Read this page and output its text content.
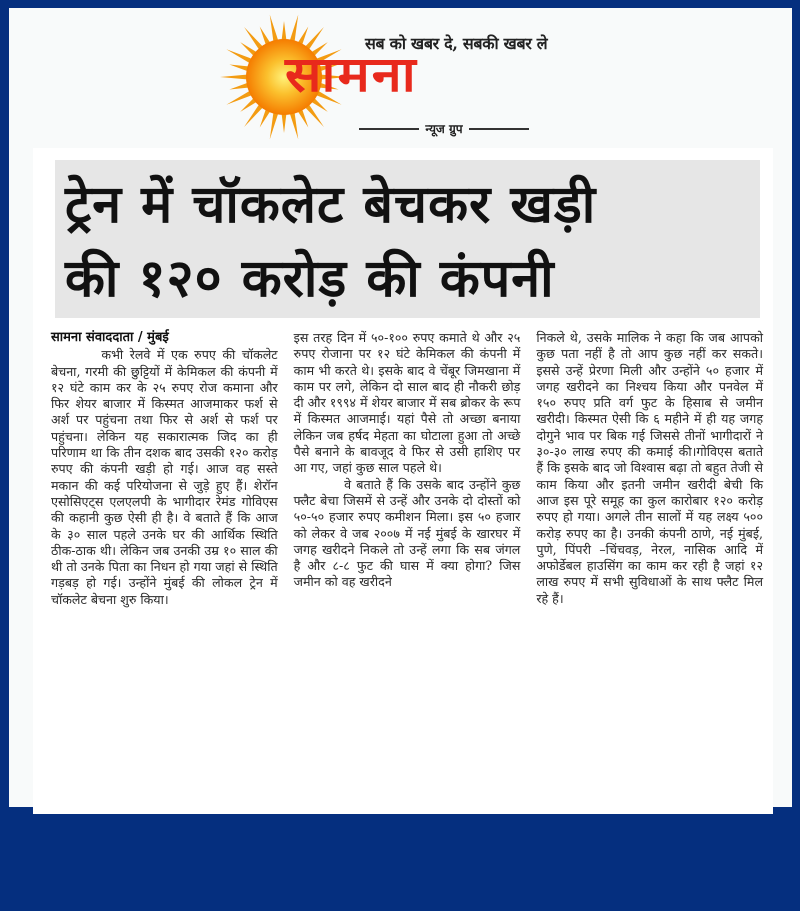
सब को खबर दे, सबकी खबर ले
सामना
न्यूज ग्रुप
ट्रेन में चॉकलेट बेचकर खड़ी
की १२० करोड़ की कंपनी
सामना संवाददाता / मुंबई

कभी रेलवे में एक रुपए की चॉकलेट बेचना, गरमी की छुट्टियों में केमिकल की कंपनी में १२ घंटे काम कर के २५ रुपए रोज कमाना और फिर शेयर बाजार में किस्मत आजमाकर फर्श से अर्श पर पहुंचना तथा फिर से अर्श से फर्श पर पहुंचना। लेकिन यह सकारात्मक जिद का ही परिणाम था कि तीन दशक बाद उसकी १२० करोड़ रुपए की कंपनी खड़ी हो गई। आज वह सस्ते मकान की कई परियोजना से जुड़े हुए हैं। शेरॉन एसोसिएट्स एलएलपी के भागीदार रेमंड गोविएस की कहानी कुछ ऐसी ही है। वे बताते हैं कि आज के ३० साल पहले उनके घर की आर्थिक स्थिति ठीक-ठाक थी। लेकिन जब उनकी उम्र १० साल की थी तो उनके पिता का निधन हो गया जहां से स्थिति गड़बड़ हो गई। उन्होंने मुंबई की लोकल ट्रेन में चॉकलेट बेचना शुरु किया।

इस तरह दिन में ५०-१०० रुपए कमाते थे और २५ रुपए रोजाना पर १२ घंटे केमिकल की कंपनी में काम भी करते थे। इसके बाद वे चेंबूर जिमखाना में काम पर लगे, लेकिन दो साल बाद ही नौकरी छोड़ दी और १९९४ में शेयर बाजार में सब ब्रोकर के रूप में किस्मत आजमाई। यहां पैसे तो अच्छा बनाया लेकिन जब हर्षद मेहता का घोटाला हुआ तो अच्छे पैसे बनाने के बावजूद वे फिर से उसी हाशिए पर आ गए, जहां कुछ साल पहले थे।

वे बताते हैं कि उसके बाद उन्होंने कुछ फ्लैट बेचा जिसमें से उन्हें और उनके दो दोस्तों को ५०-५० हजार रुपए कमीशन मिला। इस ५० हजार को लेकर वे जब २००७ में नई मुंबई के खारघर में जगह खरीदने निकले तो उन्हें लगा कि सब जंगल है और ८-८ फुट की घास में क्या होगा? जिस जमीन को वह खरीदने

निकले थे, उसके मालिक ने कहा कि जब आपको कुछ पता नहीं है तो आप कुछ नहीं कर सकते। इससे उन्हें प्रेरणा मिली और उन्होंने ५० हजार में जगह खरीदने का निश्चय किया और पनवेल में १५० रुपए प्रति वर्ग फुट के हिसाब से जमीन खरीदी। किस्मत ऐसी कि ६ महीने में ही यह जगह दोगुने भाव पर बिक गई जिससे तीनों भागीदारों ने ३०-३० लाख रुपए की कमाई की।गोविएस बताते हैं कि इसके बाद जो विश्वास बढ़ा तो बहुत तेजी से काम किया और इतनी जमीन खरीदी बेची कि आज इस पूरे समूह का कुल कारोबार १२० करोड़ रुपए हो गया। अगले तीन सालों में यह लक्ष्य ५०० करोड़ रुपए का है। उनकी कंपनी ठाणे, नई मुंबई, पुणे, पिंपरी –चिंचवड़, नेरल, नासिक आदि में अफोर्डेबल हाउसिंग का काम कर रही है जहां १२ लाख रुपए में सभी सुविधाओं के साथ फ्लैट मिल रहे हैं।
